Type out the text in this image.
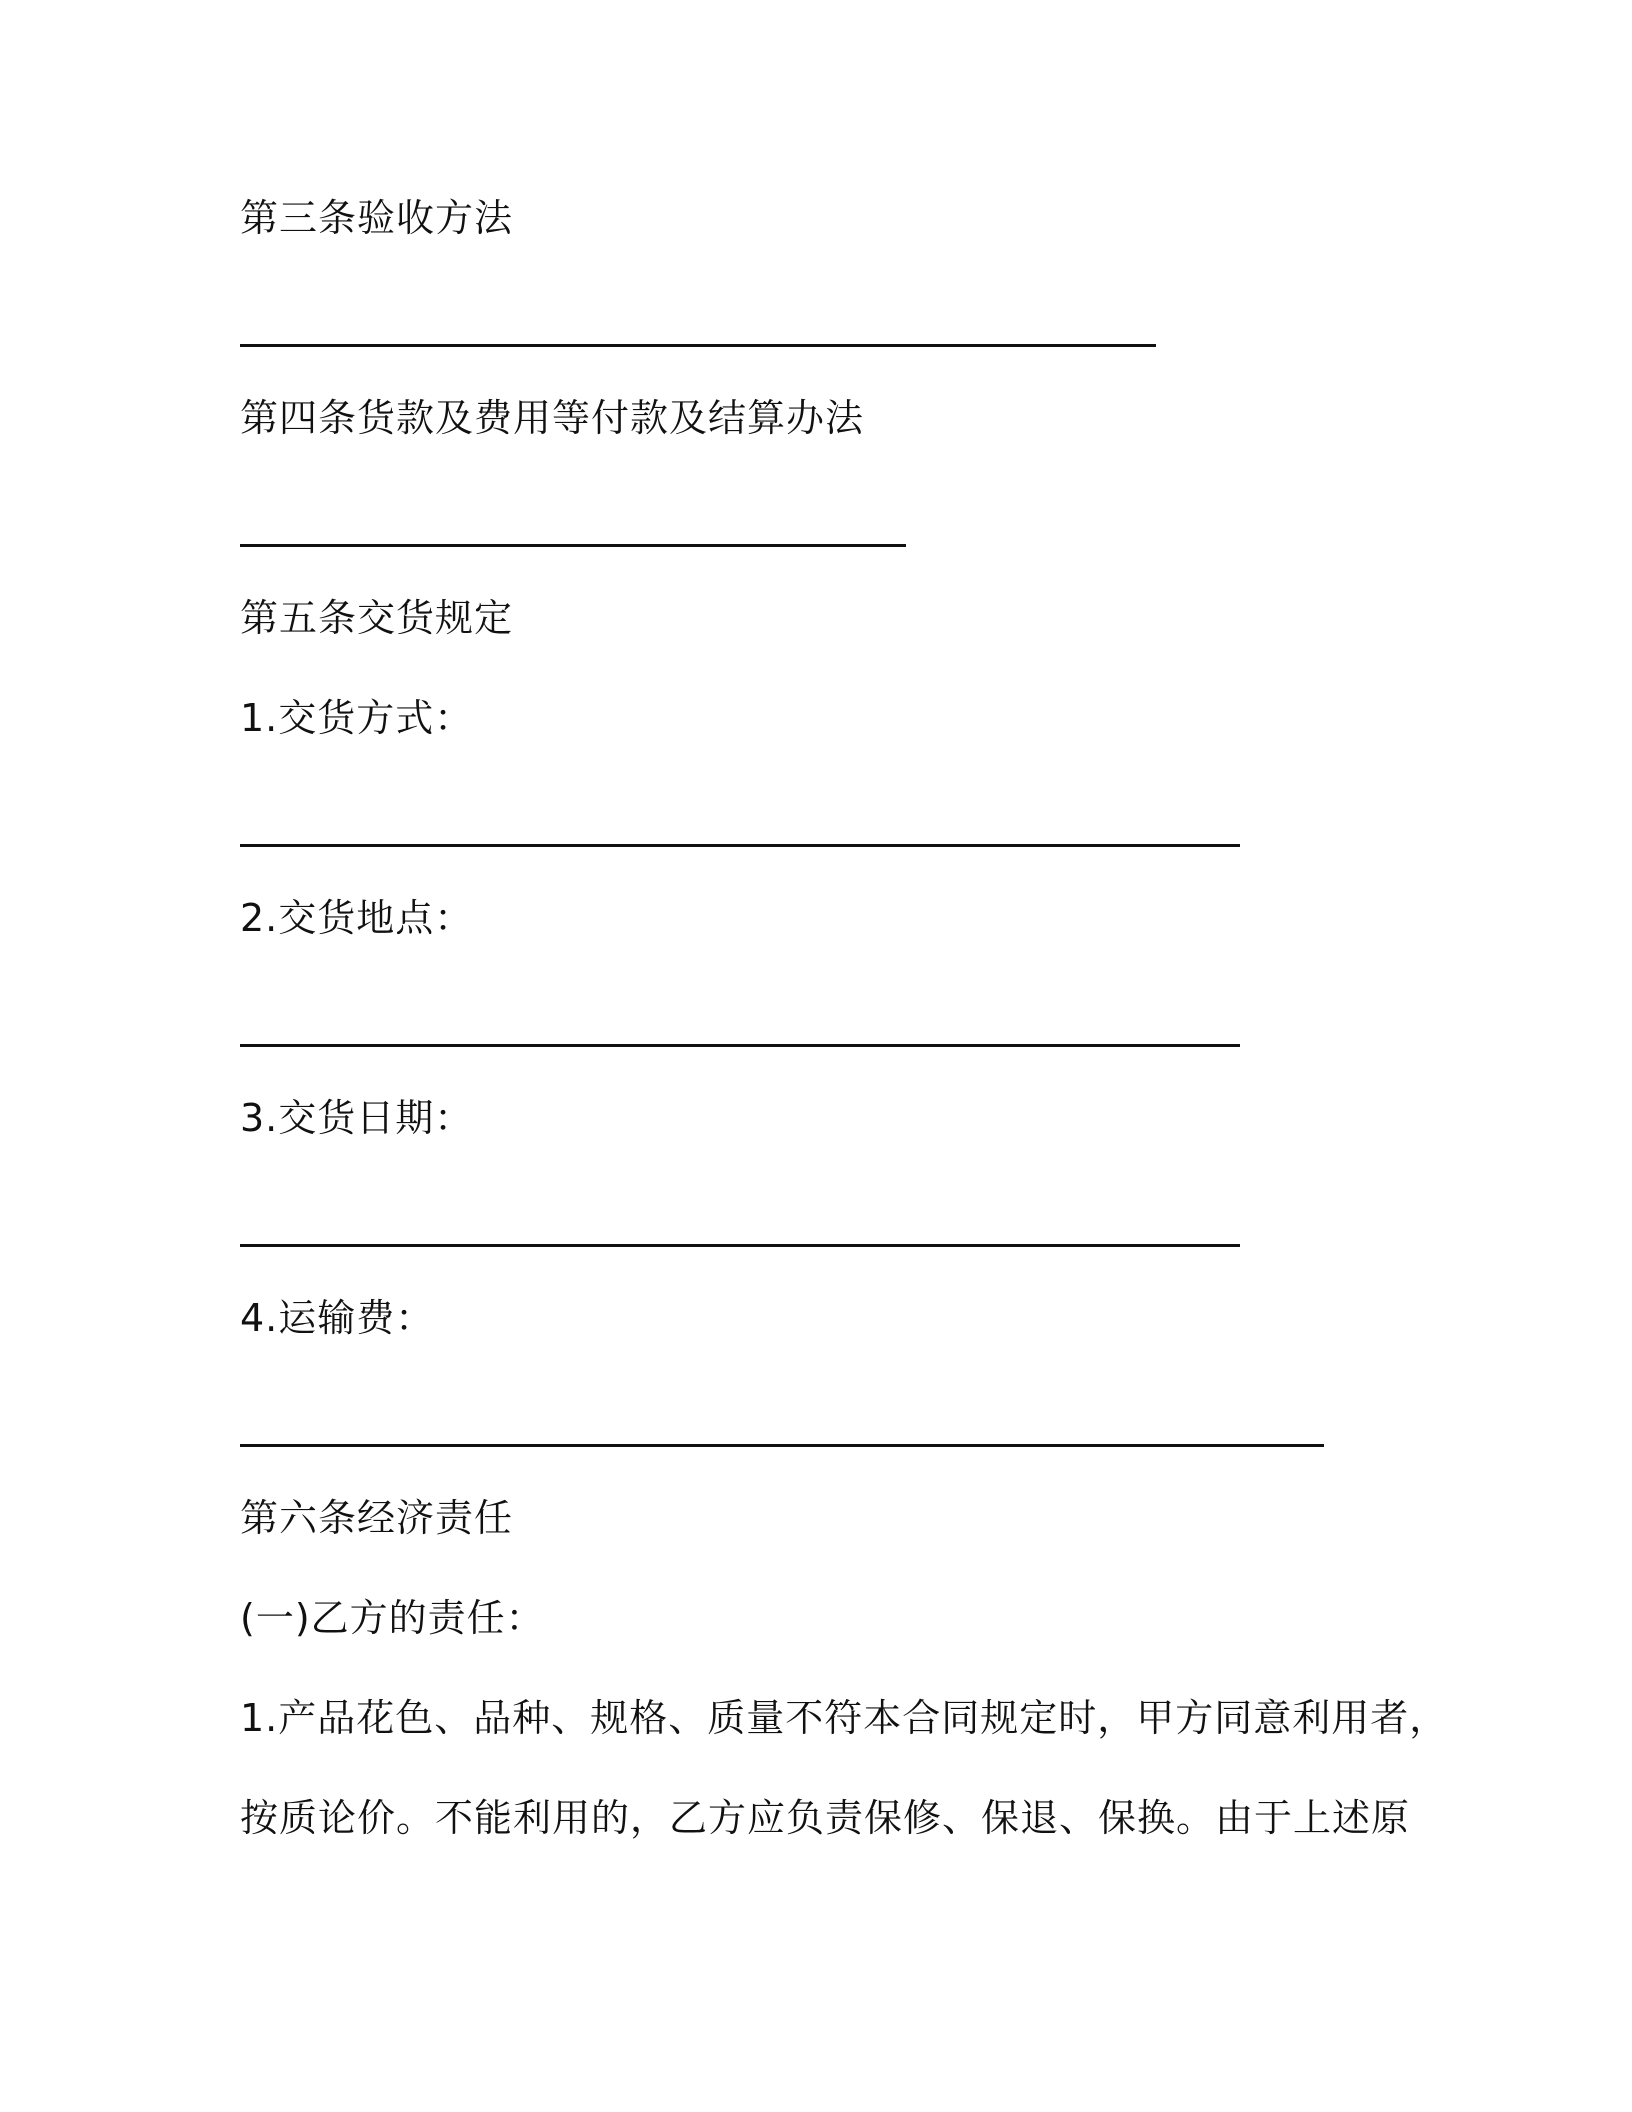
第三条验收方法
第四条货款及费用等付款及结算办法
第五条交货规定
1.交货方式：
2.交货地点：
3.交货日期：
4.运输费：
第六条经济责任
(一)乙方的责任：
1.产品花色、品种、规格、质量不符本合同规定时，甲方同意利用者，
按质论价。不能利用的，乙方应负责保修、保退、保换。由于上述原
